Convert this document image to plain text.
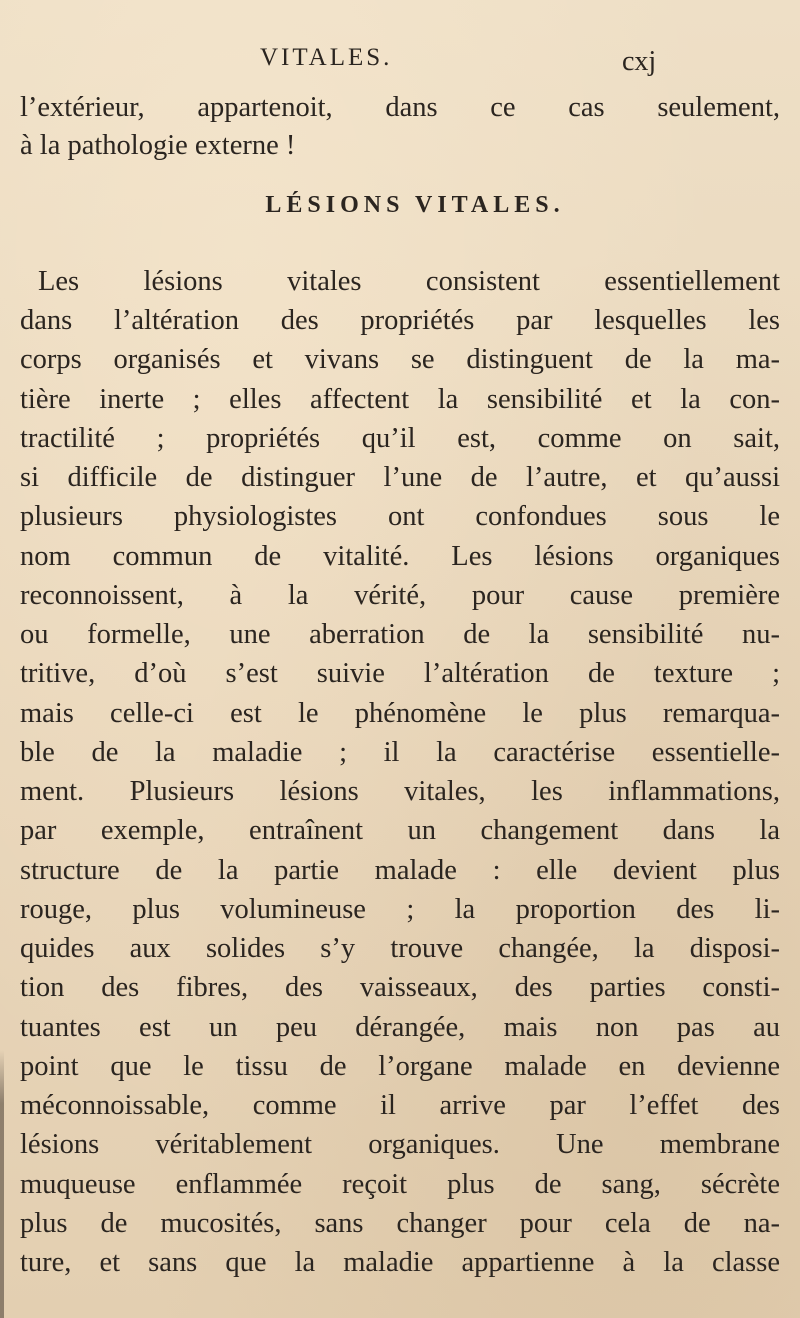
VITALES.	cxj
l’extérieur, appartenoit, dans ce cas seulement,
à la pathologie externe !
LÉSIONS VITALES.
Les lésions vitales consistent essentiellement
dans l’altération des propriétés par lesquelles les
corps organisés et vivans se distinguent de la ma-
tière inerte ; elles affectent la sensibilité et la con-
tractilité ; propriétés qu’il est, comme on sait,
si difficile de distinguer l’une de l’autre, et qu’aussi
plusieurs physiologistes ont confondues sous le
nom commun de vitalité. Les lésions organiques
reconnoissent, à la vérité, pour cause première
ou formelle, une aberration de la sensibilité nu-
tritive, d’où s’est suivie l’altération de texture ;
mais celle-ci est le phénomène le plus remarqua-
ble de la maladie ; il la caractérise essentielle-
ment. Plusieurs lésions vitales, les inflammations,
par exemple, entraînent un changement dans la
structure de la partie malade : elle devient plus
rouge, plus volumineuse ; la proportion des li-
quides aux solides s’y trouve changée, la disposi-
tion des fibres, des vaisseaux, des parties consti-
tuantes est un peu dérangée, mais non pas au
point que le tissu de l’organe malade en devienne
méconnoissable, comme il arrive par l’effet des
lésions véritablement organiques. Une membrane
muqueuse enflammée reçoit plus de sang, sécrète
plus de mucosités, sans changer pour cela de na-
ture, et sans que la maladie appartienne à la classe
